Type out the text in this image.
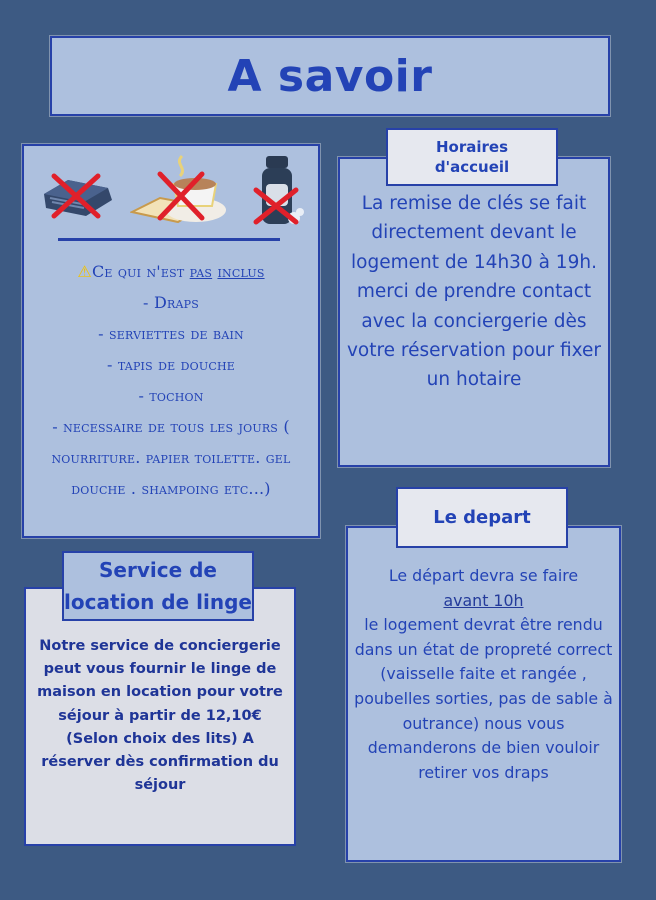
A savoir
⚠Ce qui n'est pas inclus
- Draps
- serviettes de bain
- tapis de douche
- tochon
- necessaire de tous les jours ( nourriture. papier toilette. gel douche . shampoing etc...)
La remise de clés se fait directement devant le logement de 14h30 à 19h. merci de prendre contact avec la conciergerie dès votre réservation pour fixer un hotaire
Horaires d'accueil
Le départ devra se faire
avant 10h
le logement devrat être rendu dans un état de propreté correct (vaisselle faite et rangée , poubelles sorties, pas de sable à outrance) nous vous demanderons de bien vouloir retirer vos draps
Le depart
Notre service de conciergerie peut vous fournir le linge de maison en location pour votre séjour à partir de 12,10€ (Selon choix des lits) A réserver dès confirmation du séjour
Service de location de linge
